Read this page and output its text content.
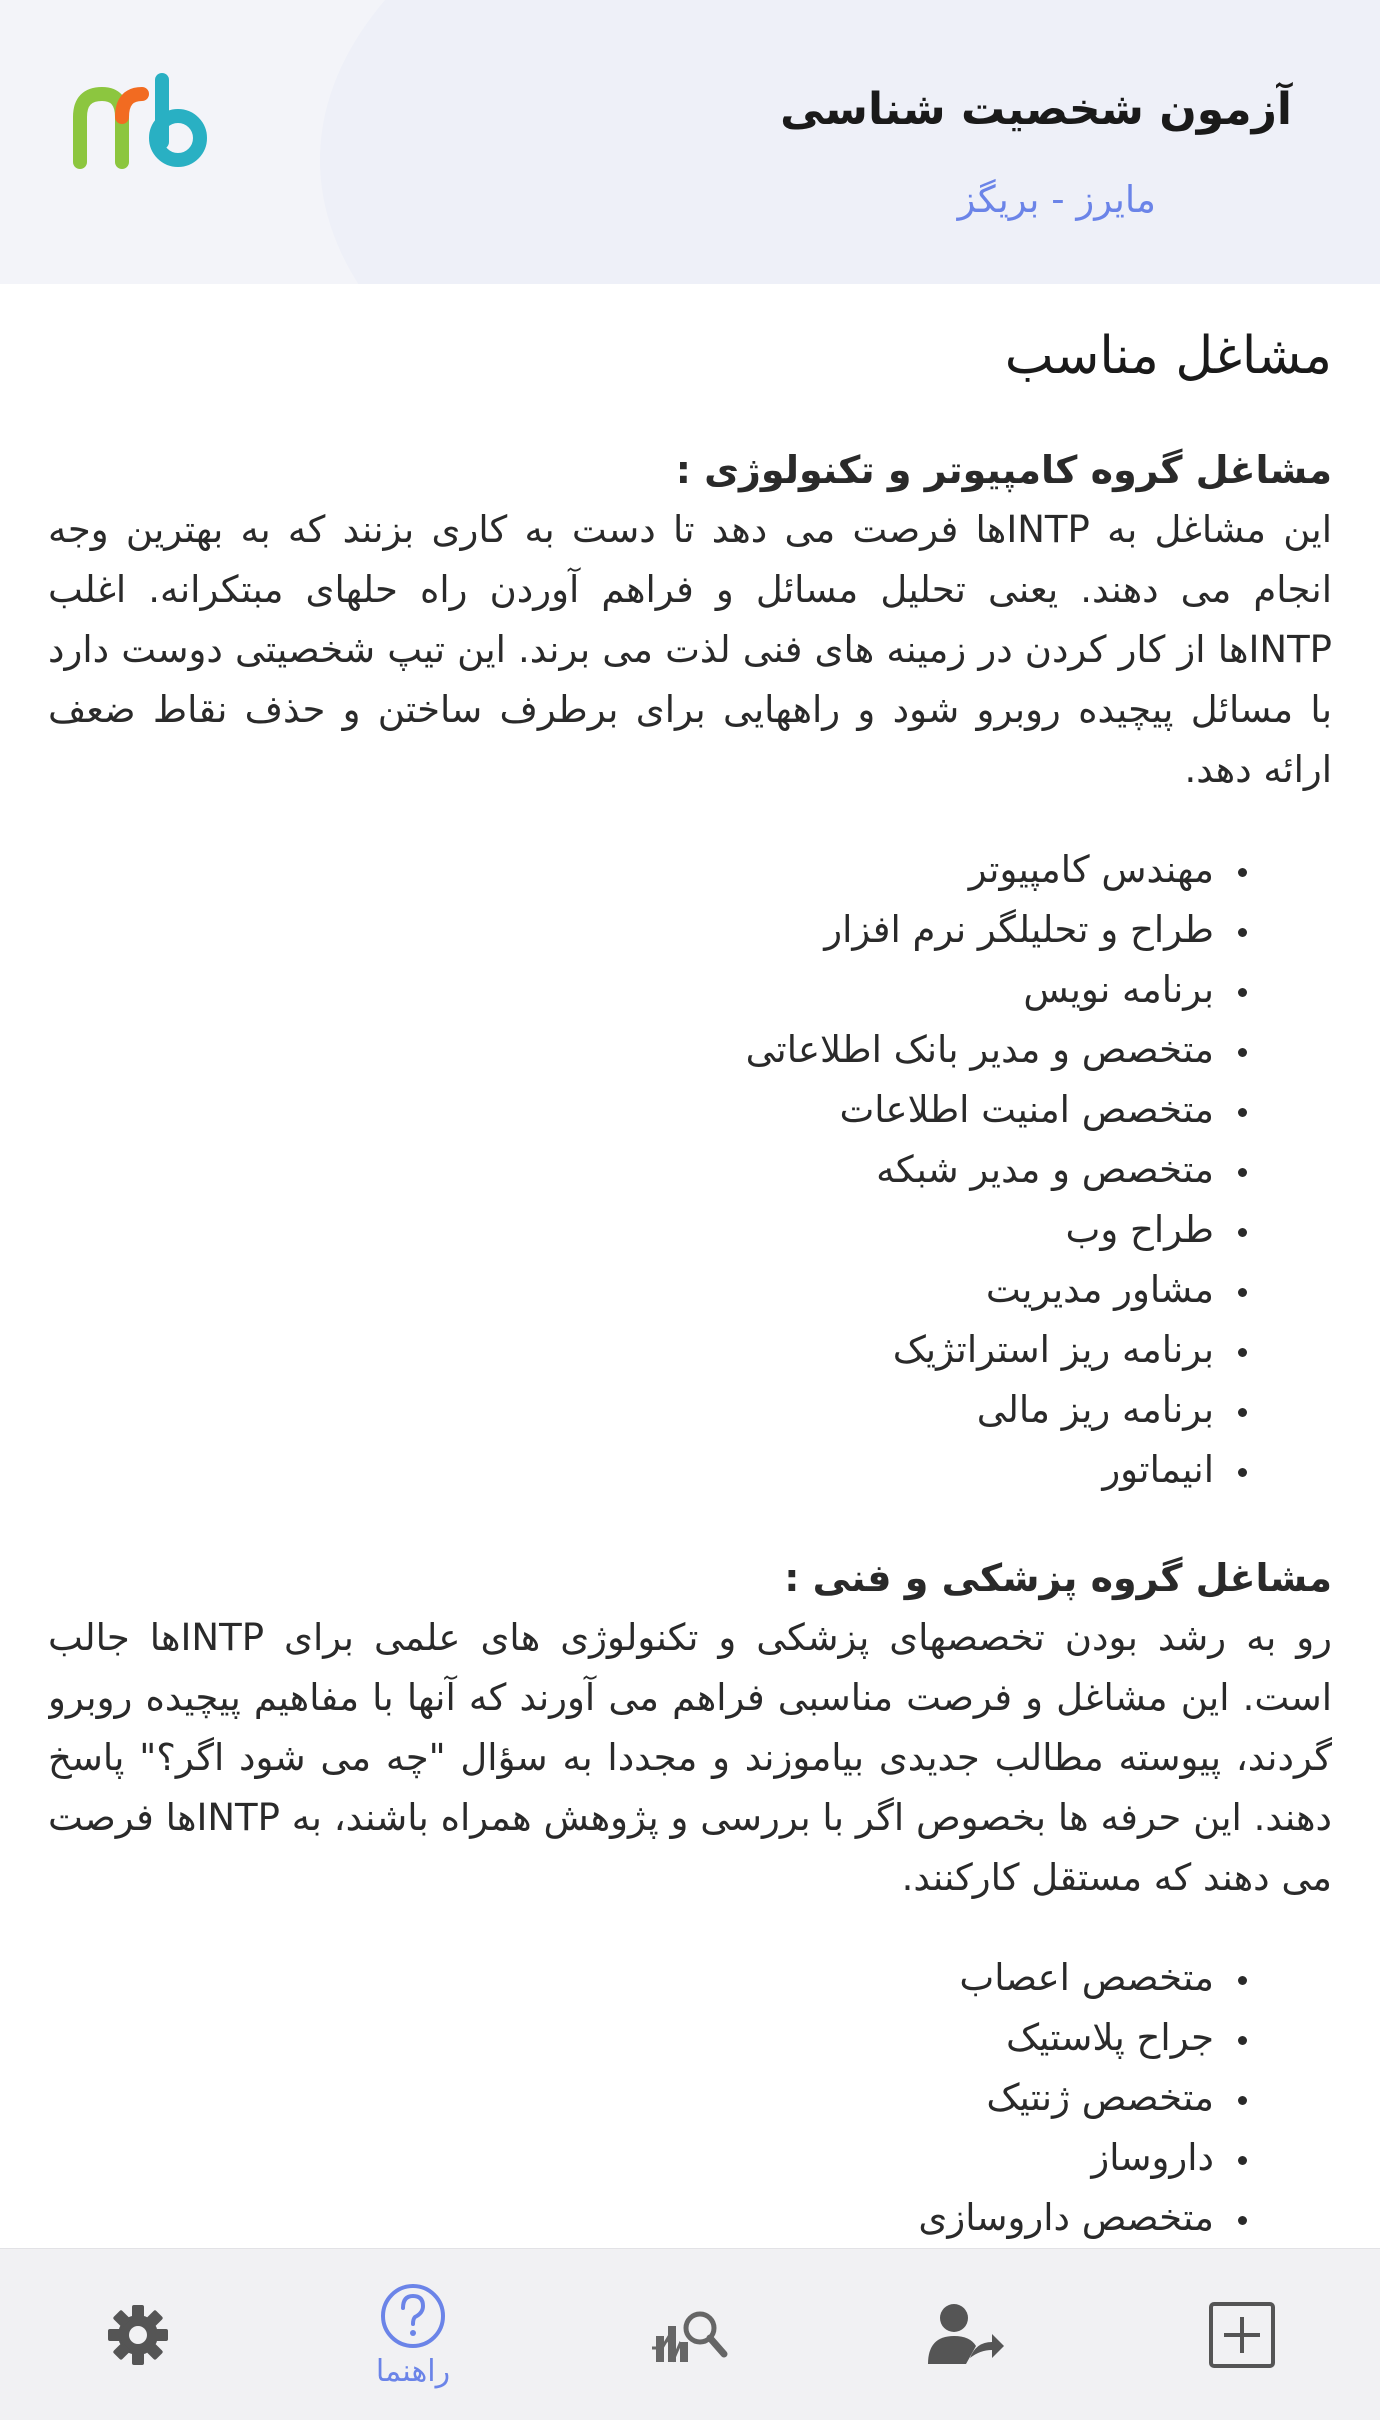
آزمون شخصیت شناسی
مایرز - بریگز
مشاغل مناسب
مشاغل گروه کامپیوتر و تکنولوژی :

این مشاغل به INTPها فرصت می دهد تا دست به کاری بزنند که به بهترین وجه انجام می دهند. یعنی تحلیل مسائل و فراهم آوردن راه حلهای مبتکرانه. اغلب INTPها از کار کردن در زمینه های فنی لذت می برند. این تیپ شخصیتی دوست دارد با مسائل پیچیده روبرو شود و راههایی برای برطرف ساختن و حذف نقاط ضعف ارائه دهد.

• مهندس کامپیوتر
• طراح و تحلیلگر نرم افزار
• برنامه نویس
• متخصص و مدیر بانک اطلاعاتی
• متخصص امنیت اطلاعات
• متخصص و مدیر شبکه
• طراح وب
• مشاور مدیریت
• برنامه ریز استراتژیک
• برنامه ریز مالی
• انیماتور
مشاغل گروه پزشکی و فنی :

رو به رشد بودن تخصصهای پزشکی و تکنولوژی های علمی برای INTPها جالب است. این مشاغل و فرصت مناسبی فراهم می آورند که آنها با مفاهیم پیچیده روبرو گردند، پیوسته مطالب جدیدی بیاموزند و مجددا به سؤال "چه می شود اگر؟" پاسخ دهند. این حرفه ها بخصوص اگر با بررسی و پژوهش همراه باشند، به INTPها فرصت می دهند که مستقل کارکنند.

• متخصص اعصاب
• جراح پلاستیک
• متخصص ژنتیک
• داروساز
• متخصص داروسازی
راهنما
